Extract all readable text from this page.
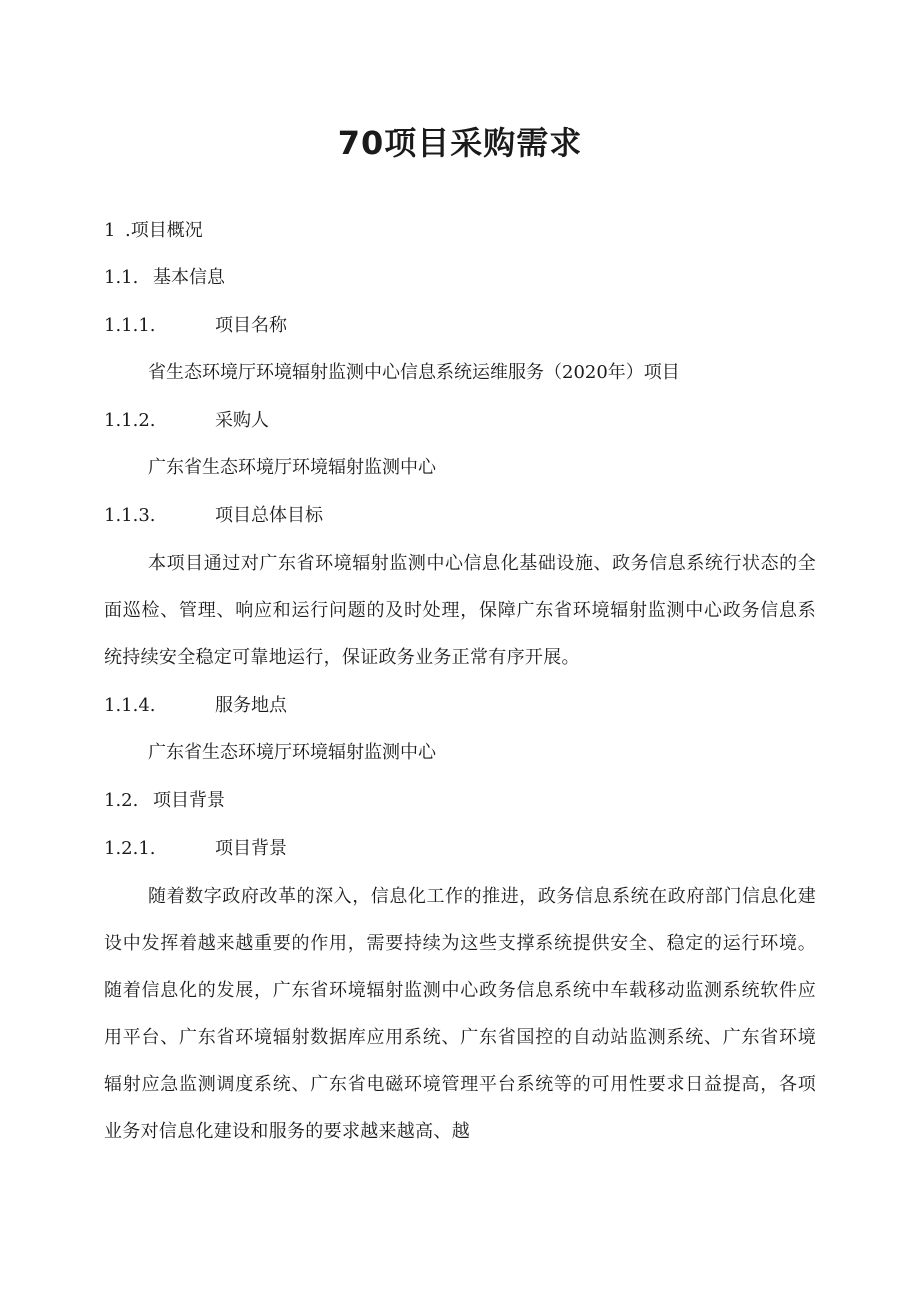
70项目采购需求
1 .项目概况
1.1. 基本信息
1.1.1.	项目名称
省生态环境厅环境辐射监测中心信息系统运维服务（2020年）项目
1.1.2.	采购人
广东省生态环境厅环境辐射监测中心
1.1.3.	项目总体目标
本项目通过对广东省环境辐射监测中心信息化基础设施、政务信息系统行状态的全面巡检、管理、响应和运行问题的及时处理，保障广东省环境辐射监测中心政务信息系统持续安全稳定可靠地运行，保证政务业务正常有序开展。
1.1.4.	服务地点
广东省生态环境厅环境辐射监测中心
1.2. 项目背景
1.2.1.	项目背景
随着数字政府改革的深入，信息化工作的推进，政务信息系统在政府部门信息化建设中发挥着越来越重要的作用，需要持续为这些支撑系统提供安全、稳定的运行环境。随着信息化的发展，广东省环境辐射监测中心政务信息系统中车载移动监测系统软件应用平台、广东省环境辐射数据库应用系统、广东省国控的自动站监测系统、广东省环境辐射应急监测调度系统、广东省电磁环境管理平台系统等的可用性要求日益提高，各项业务对信息化建设和服务的要求越来越高、越
